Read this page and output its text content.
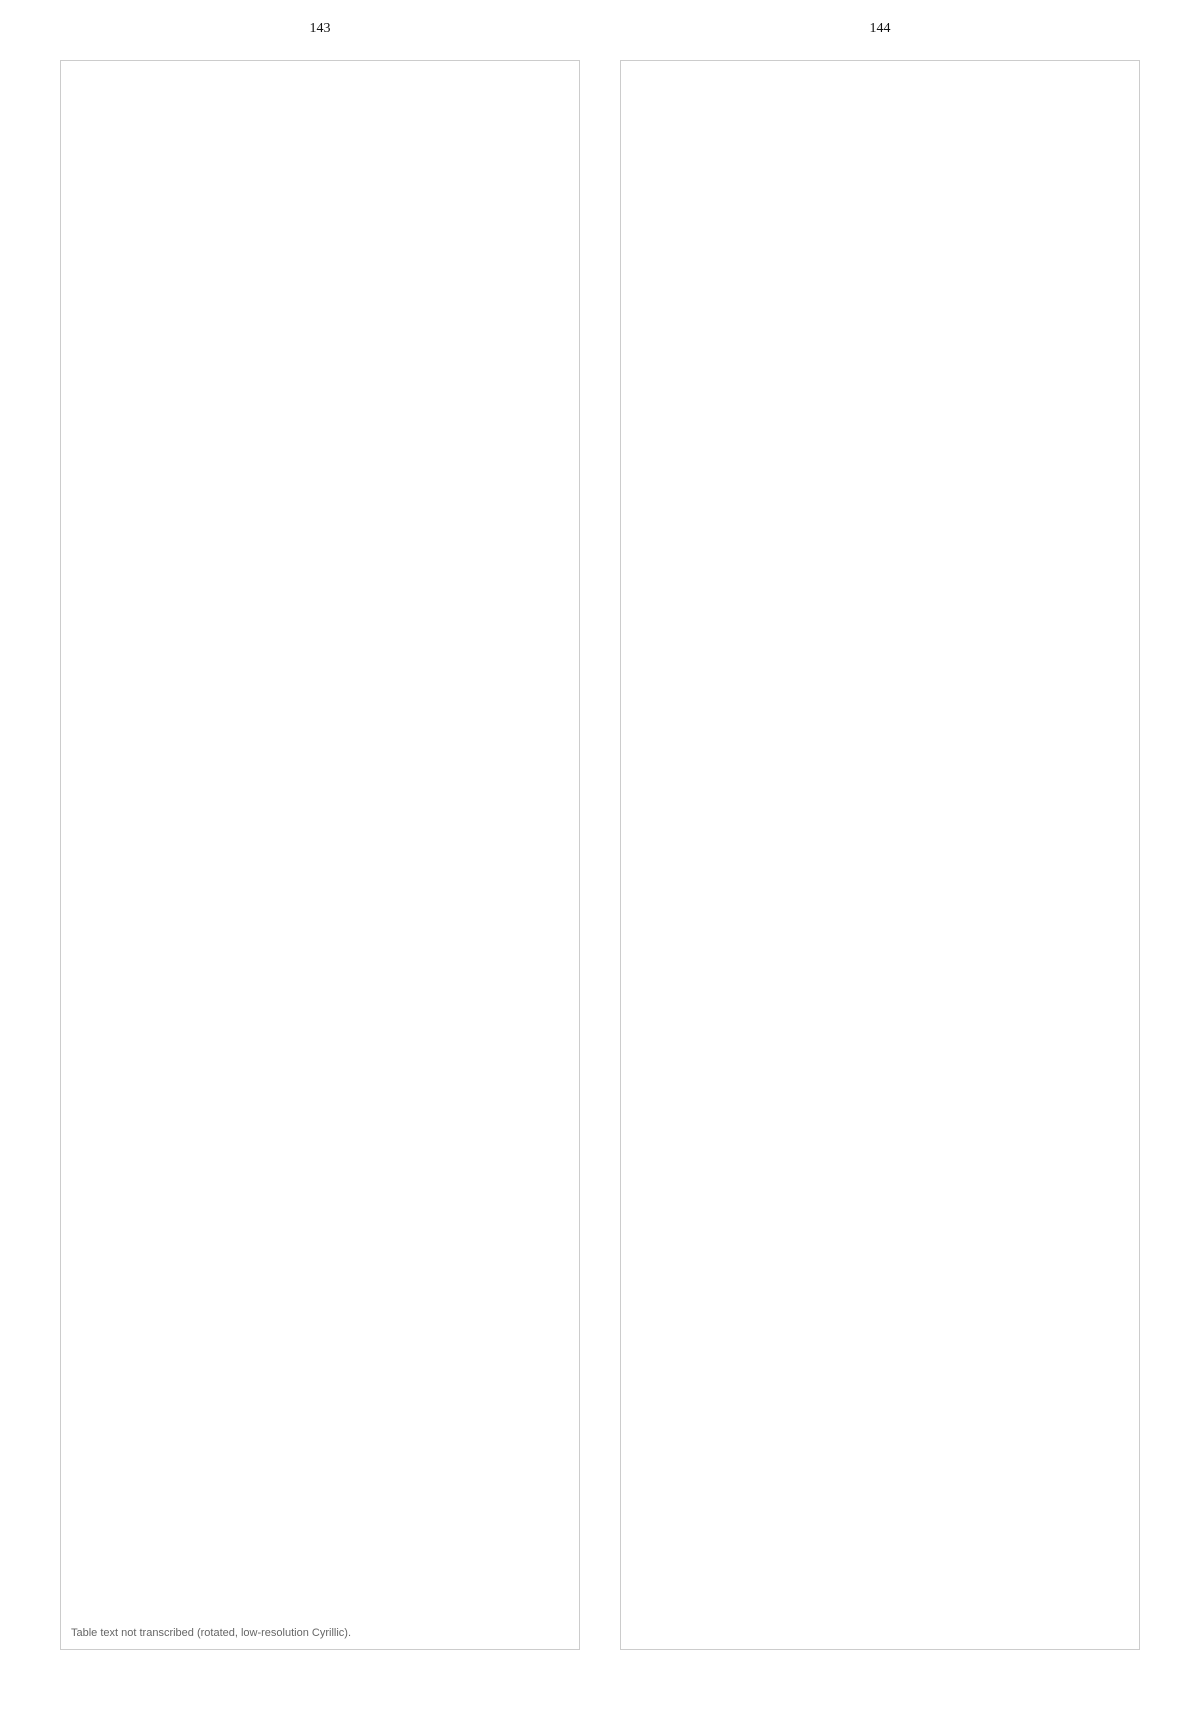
143
Table text not transcribed (rotated, low-resolution Cyrillic).
144
